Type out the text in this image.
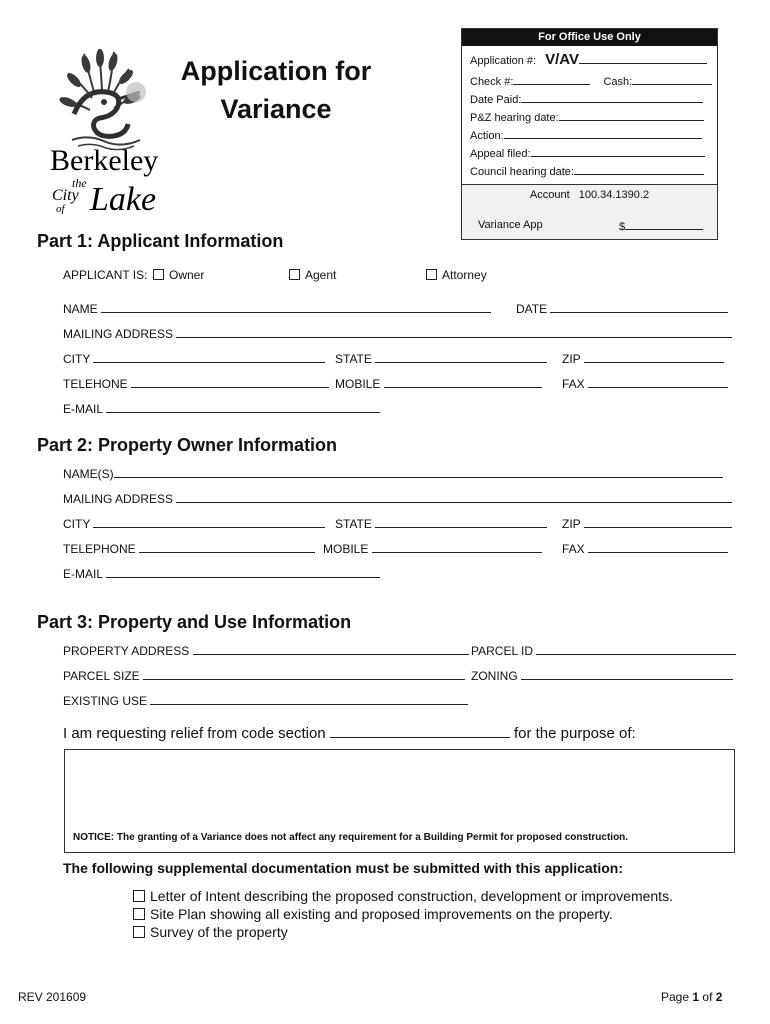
Berkeley
the
City
of Lake
Application for
Variance
For Office Use Only
Application #: V/AV
Check #:	Cash:
Date Paid:
P&Z hearing date:
Action:
Appeal filed:
Council hearing date:
Account 100.34.1390.2
Variance App	$
Part 1: Applicant Information
APPLICANT IS:	Owner	Agent	Attorney
NAME	DATE
MAILING ADDRESS
CITY	STATE	ZIP
TELEHONE	MOBILE	FAX
E-MAIL
Part 2: Property Owner Information
NAME(S)
MAILING ADDRESS
CITY	STATE	ZIP
TELEPHONE	MOBILE	FAX
E-MAIL
Part 3: Property and Use Information
PROPERTY ADDRESS	PARCEL ID
PARCEL SIZE	ZONING
EXISTING USE
I am requesting relief from code section	for the purpose of:
NOTICE: The granting of a Variance does not affect any requirement for a Building Permit for proposed construction.
The following supplemental documentation must be submitted with this application:
Letter of Intent describing the proposed construction, development or improvements.
Site Plan showing all existing and proposed improvements on the property.
Survey of the property
REV 201609	Page 1 of 2
